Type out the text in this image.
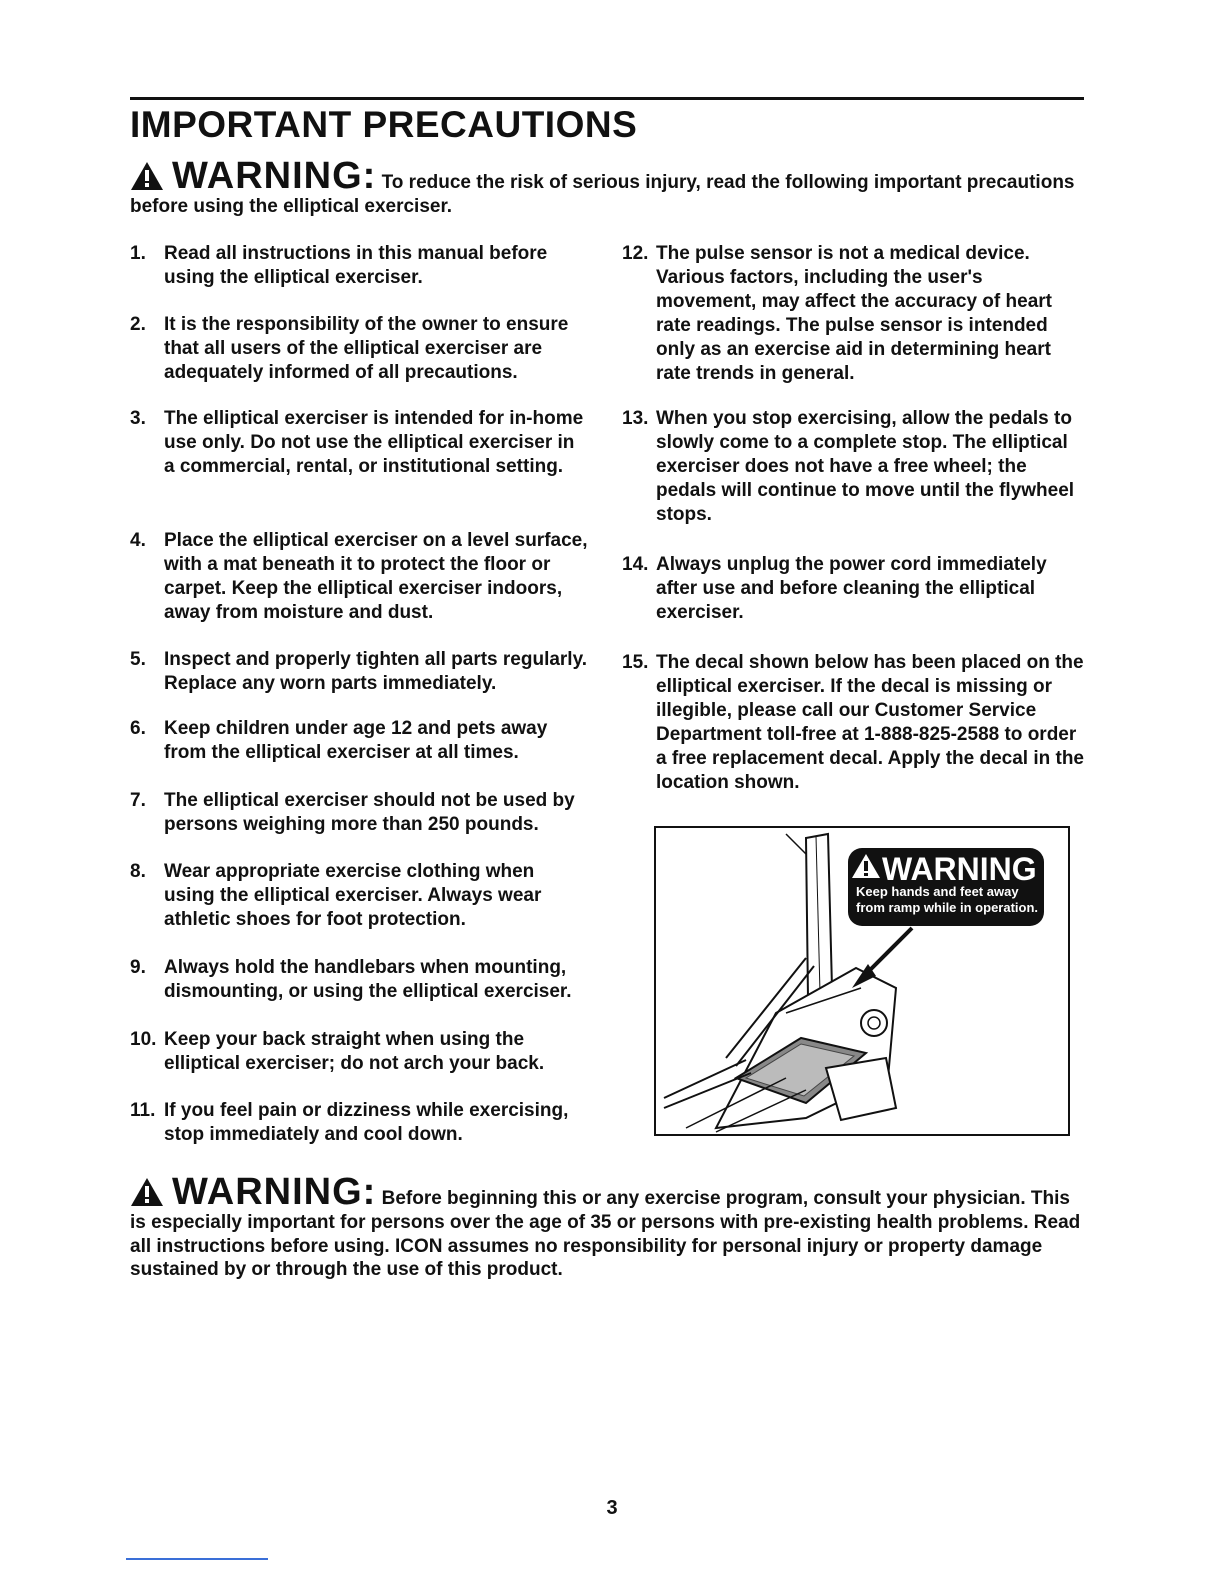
IMPORTANT PRECAUTIONS
WARNING: To reduce the risk of serious injury, read the following important precautions before using the elliptical exerciser.
1. Read all instructions in this manual before using the elliptical exerciser.
2. It is the responsibility of the owner to ensure that all users of the elliptical exerciser are adequately informed of all precautions.
3. The elliptical exerciser is intended for in-home use only. Do not use the elliptical exerciser in a commercial, rental, or institutional setting.
4. Place the elliptical exerciser on a level surface, with a mat beneath it to protect the floor or carpet. Keep the elliptical exerciser indoors, away from moisture and dust.
5. Inspect and properly tighten all parts regularly. Replace any worn parts immediately.
6. Keep children under age 12 and pets away from the elliptical exerciser at all times.
7. The elliptical exerciser should not be used by persons weighing more than 250 pounds.
8. Wear appropriate exercise clothing when using the elliptical exerciser. Always wear athletic shoes for foot protection.
9. Always hold the handlebars when mounting, dismounting, or using the elliptical exerciser.
10. Keep your back straight when using the elliptical exerciser; do not arch your back.
11. If you feel pain or dizziness while exercising, stop immediately and cool down.
12. The pulse sensor is not a medical device. Various factors, including the user's movement, may affect the accuracy of heart rate readings. The pulse sensor is intended only as an exercise aid in determining heart rate trends in general.
13. When you stop exercising, allow the pedals to slowly come to a complete stop. The elliptical exerciser does not have a free wheel; the pedals will continue to move until the flywheel stops.
14. Always unplug the power cord immediately after use and before cleaning the elliptical exerciser.
15. The decal shown below has been placed on the elliptical exerciser. If the decal is missing or illegible, please call our Customer Service Department toll-free at 1-888-825-2588 to order a free replacement decal. Apply the decal in the location shown.
WARNING
Keep hands and feet away
from ramp while in operation.
WARNING: Before beginning this or any exercise program, consult your physician. This is especially important for persons over the age of 35 or persons with pre-existing health problems. Read all instructions before using. ICON assumes no responsibility for personal injury or property damage sustained by or through the use of this product.
3
